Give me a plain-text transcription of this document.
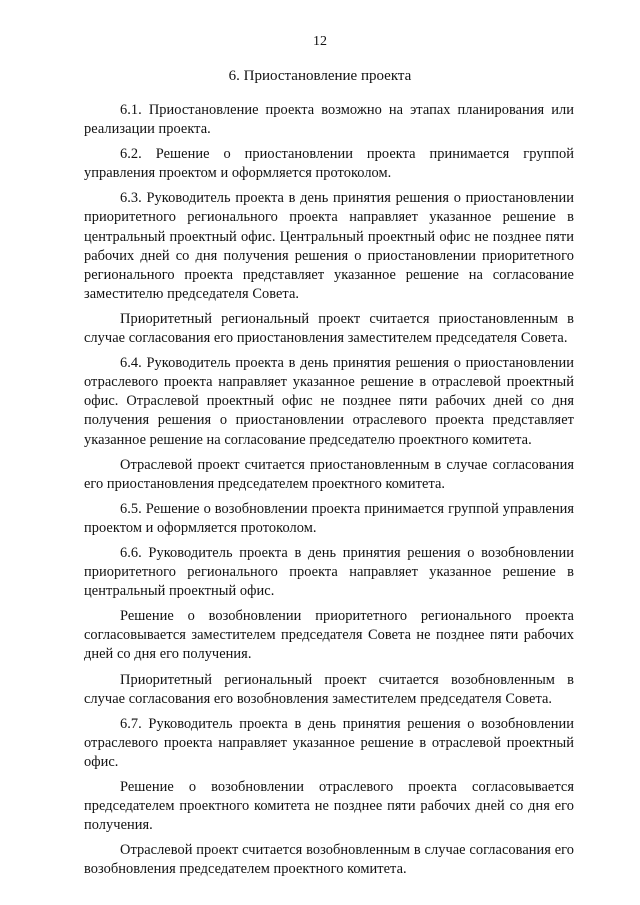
12
6. Приостановление проекта

6.1. Приостановление проекта возможно на этапах планирования или реализации проекта.

6.2. Решение о приостановлении проекта принимается группой управления проектом и оформляется протоколом.

6.3. Руководитель проекта в день принятия решения о приостановлении приоритетного регионального проекта направляет указанное решение в центральный проектный офис. Центральный проектный офис не позднее пяти рабочих дней со дня получения решения о приостановлении приоритетного регионального проекта представляет указанное решение на согласование заместителю председателя Совета.

Приоритетный региональный проект считается приостановленным в случае согласования его приостановления заместителем председателя Совета.

6.4. Руководитель проекта в день принятия решения о приостановлении отраслевого проекта направляет указанное решение в отраслевой проектный офис. Отраслевой проектный офис не позднее пяти рабочих дней со дня получения решения о приостановлении отраслевого проекта представляет указанное решение на согласование председателю проектного комитета.

Отраслевой проект считается приостановленным в случае согласования его приостановления председателем проектного комитета.

6.5. Решение о возобновлении проекта принимается группой управления проектом и оформляется протоколом.

6.6. Руководитель проекта в день принятия решения о возобновлении приоритетного регионального проекта направляет указанное решение в центральный проектный офис.

Решение о возобновлении приоритетного регионального проекта согласовывается заместителем председателя Совета не позднее пяти рабочих дней со дня его получения.

Приоритетный региональный проект считается возобновленным в случае согласования его возобновления заместителем председателя Совета.

6.7. Руководитель проекта в день принятия решения о возобновлении отраслевого проекта направляет указанное решение в отраслевой проектный офис.

Решение о возобновлении отраслевого проекта согласовывается председателем проектного комитета не позднее пяти рабочих дней со дня его получения.

Отраслевой проект считается возобновленным в случае согласования его возобновления председателем проектного комитета.
